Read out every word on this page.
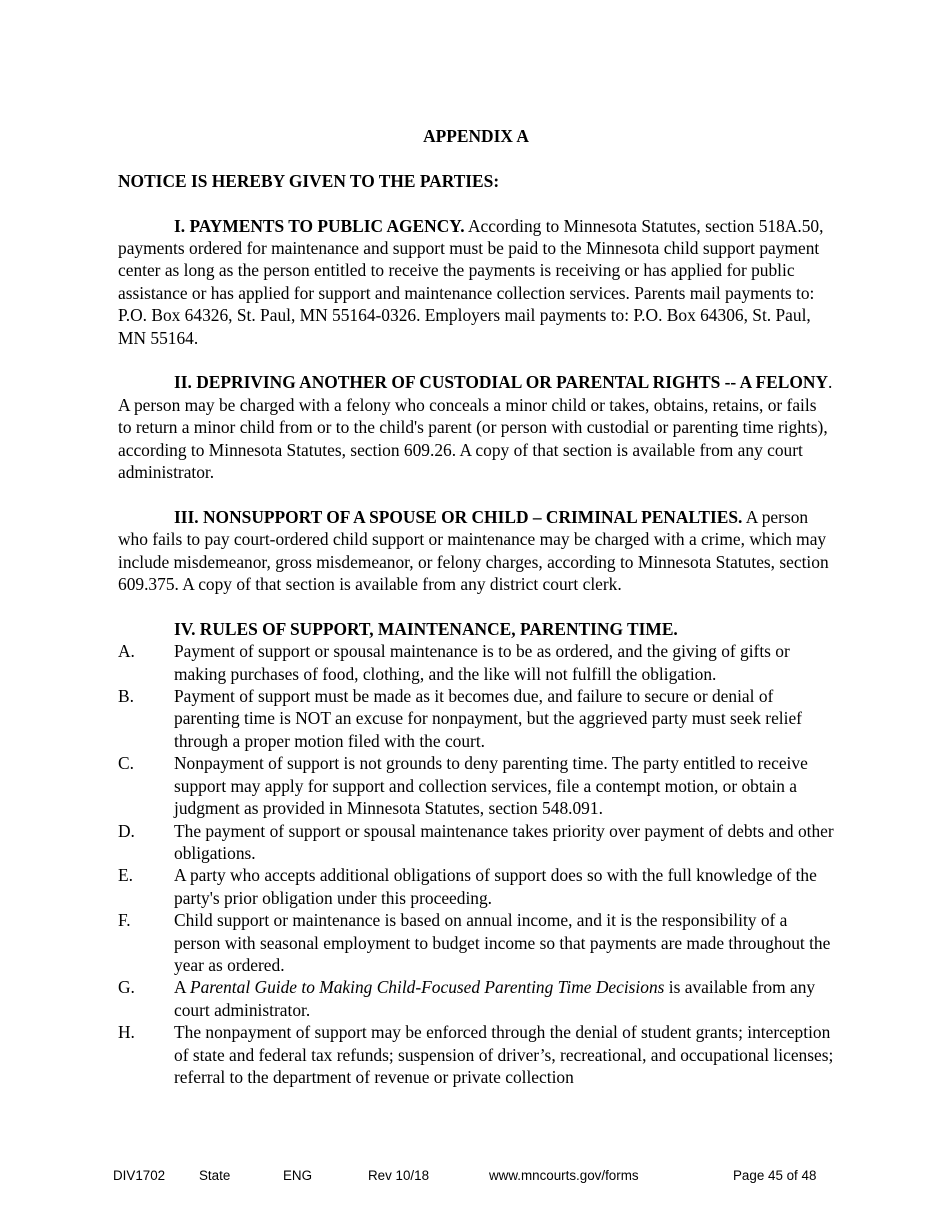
APPENDIX A

NOTICE IS HEREBY GIVEN TO THE PARTIES:

I. PAYMENTS TO PUBLIC AGENCY. According to Minnesota Statutes, section 518A.50, payments ordered for maintenance and support must be paid to the Minnesota child support payment center as long as the person entitled to receive the payments is receiving or has applied for public assistance or has applied for support and maintenance collection services. Parents mail payments to: P.O. Box 64326, St. Paul, MN 55164-0326. Employers mail payments to: P.O. Box 64306, St. Paul, MN 55164.

II. DEPRIVING ANOTHER OF CUSTODIAL OR PARENTAL RIGHTS -- A FELONY. A person may be charged with a felony who conceals a minor child or takes, obtains, retains, or fails to return a minor child from or to the child's parent (or person with custodial or parenting time rights), according to Minnesota Statutes, section 609.26. A copy of that section is available from any court administrator.

III. NONSUPPORT OF A SPOUSE OR CHILD – CRIMINAL PENALTIES. A person who fails to pay court-ordered child support or maintenance may be charged with a crime, which may include misdemeanor, gross misdemeanor, or felony charges, according to Minnesota Statutes, section 609.375. A copy of that section is available from any district court clerk.

IV. RULES OF SUPPORT, MAINTENANCE, PARENTING TIME.

A.	Payment of support or spousal maintenance is to be as ordered, and the giving of gifts or making purchases of food, clothing, and the like will not fulfill the obligation.
B.	Payment of support must be made as it becomes due, and failure to secure or denial of parenting time is NOT an excuse for nonpayment, but the aggrieved party must seek relief through a proper motion filed with the court.
C.	Nonpayment of support is not grounds to deny parenting time. The party entitled to receive support may apply for support and collection services, file a contempt motion, or obtain a judgment as provided in Minnesota Statutes, section 548.091.
D.	The payment of support or spousal maintenance takes priority over payment of debts and other obligations.
E.	A party who accepts additional obligations of support does so with the full knowledge of the party's prior obligation under this proceeding.
F.	Child support or maintenance is based on annual income, and it is the responsibility of a person with seasonal employment to budget income so that payments are made throughout the year as ordered.
G.	A Parental Guide to Making Child-Focused Parenting Time Decisions is available from any court administrator.
H.	The nonpayment of support may be enforced through the denial of student grants; interception of state and federal tax refunds; suspension of driver’s, recreational, and occupational licenses; referral to the department of revenue or private collection
DIV1702	State	ENG	Rev 10/18	www.mncourts.gov/forms	Page 45 of 48
